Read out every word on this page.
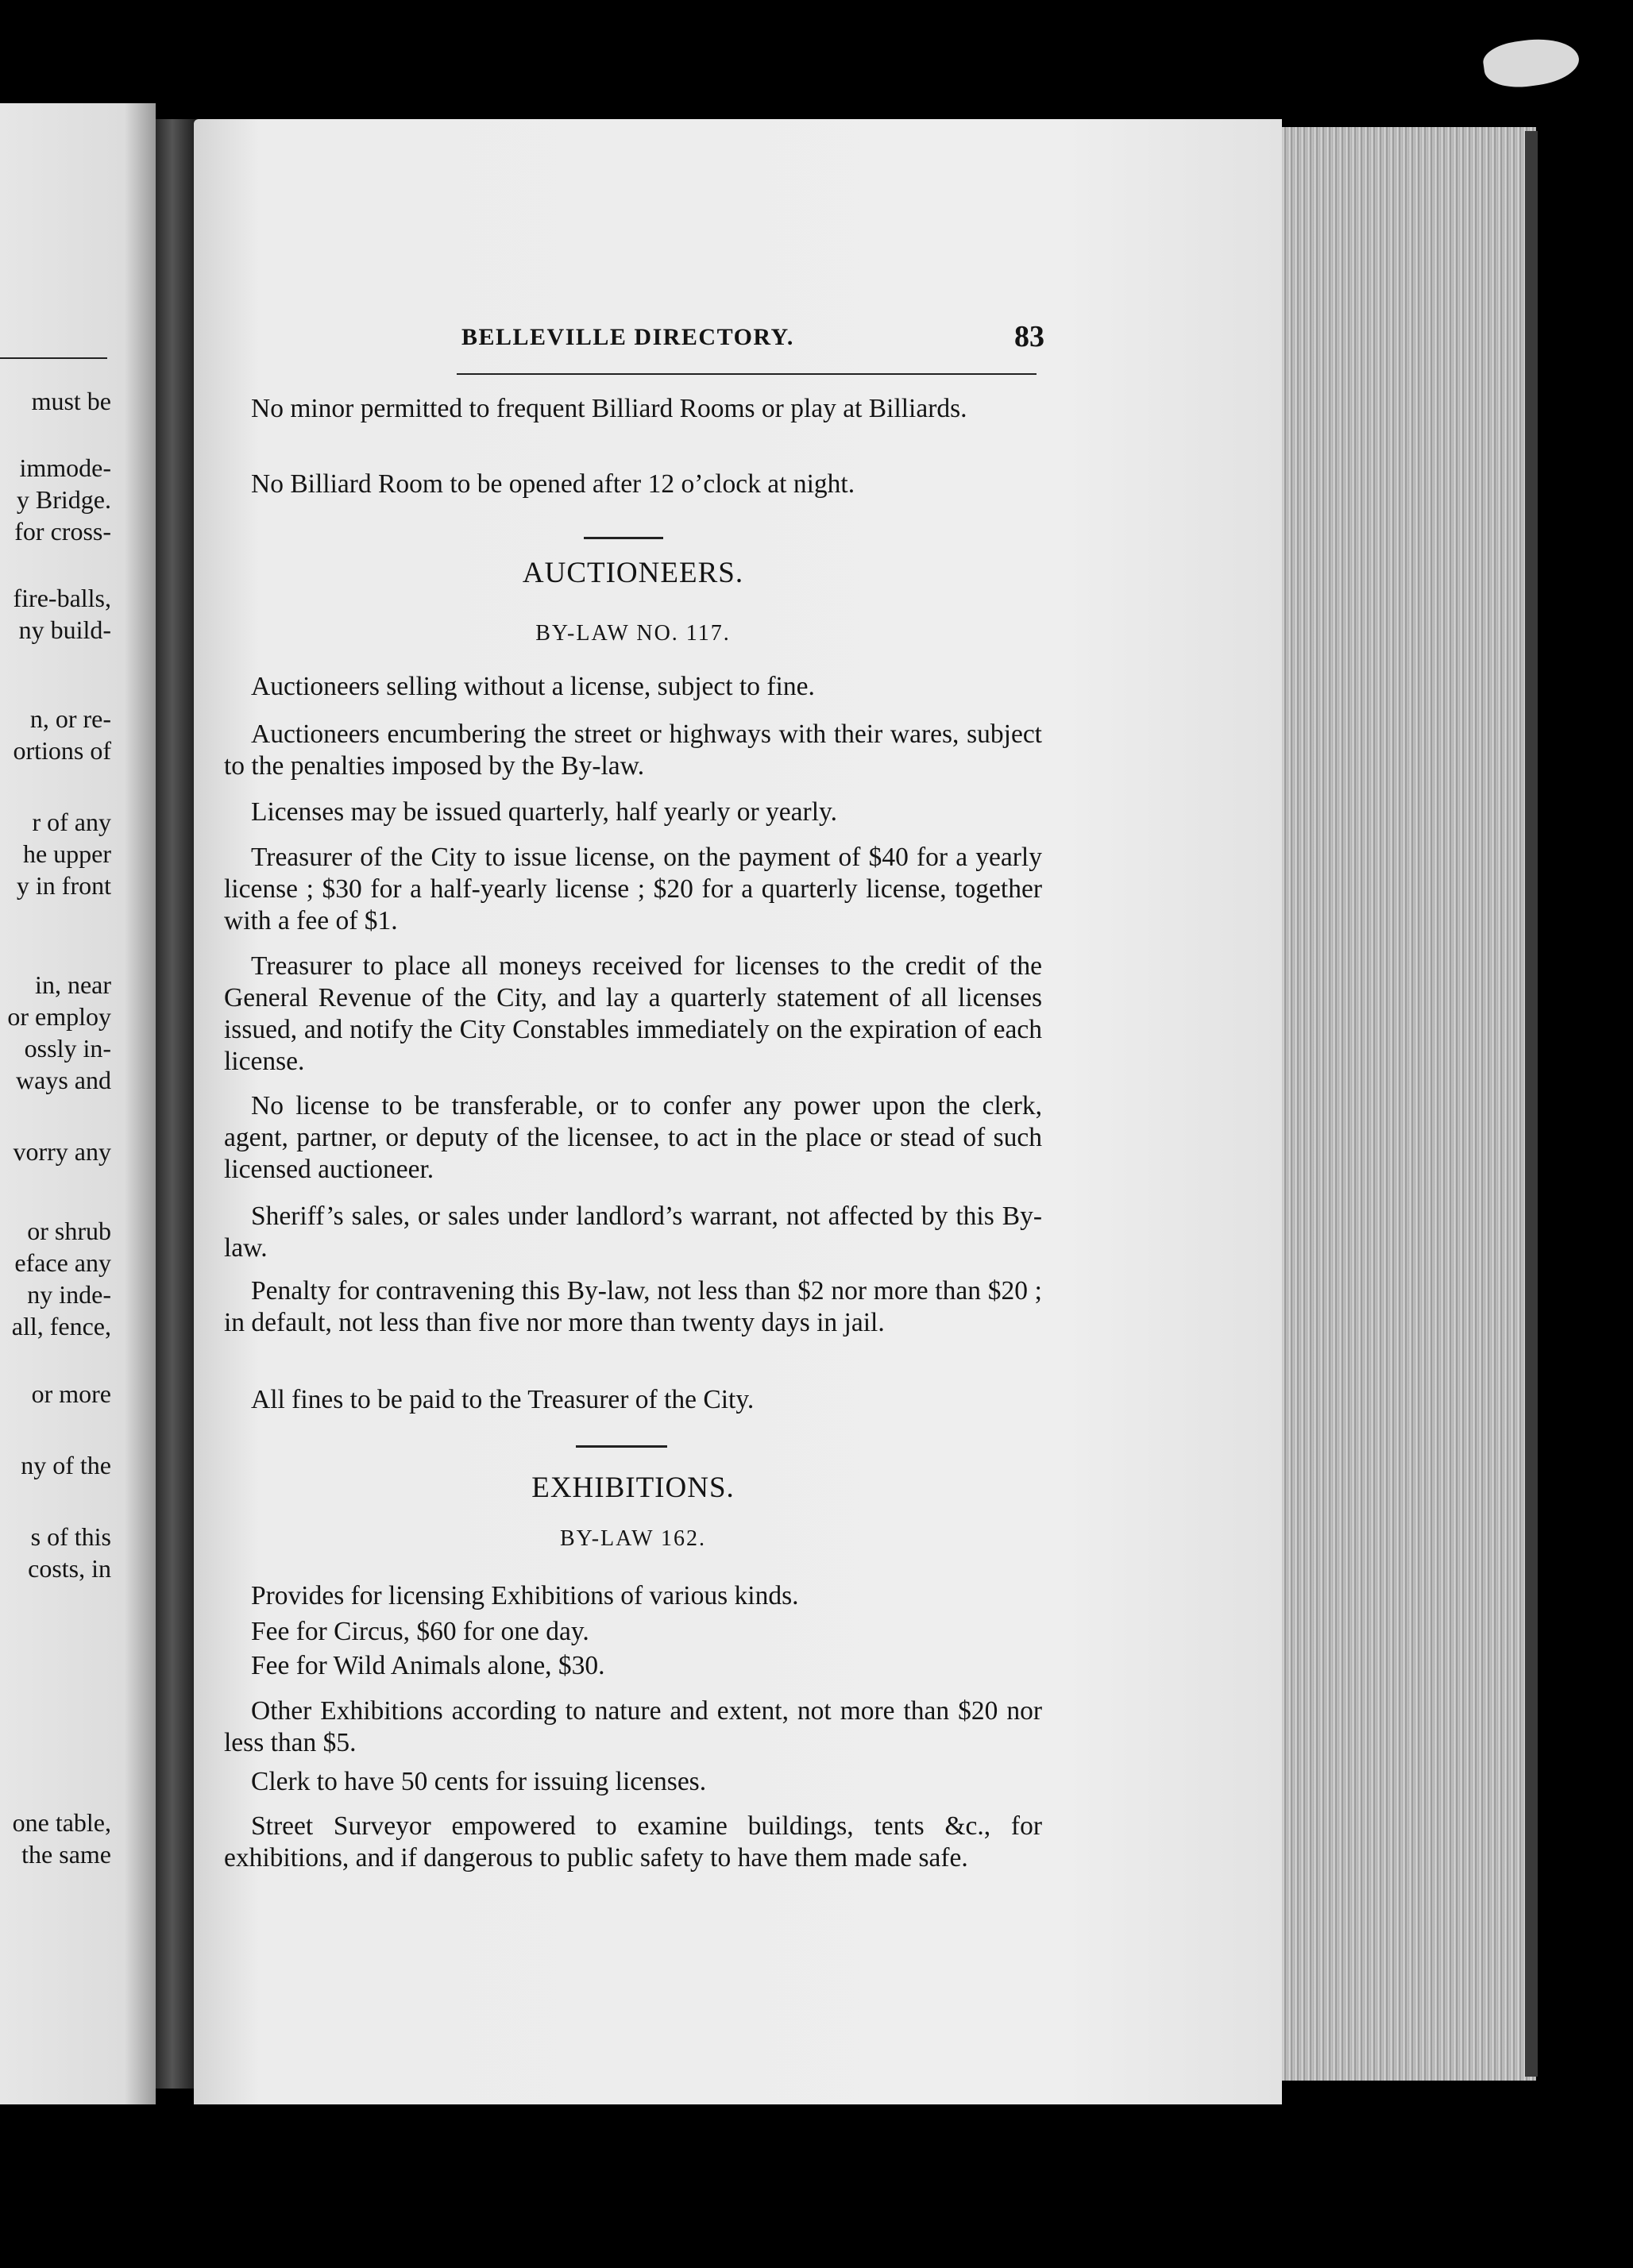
must be
immode-
y Bridge.
for cross-
fire-balls,
ny build-
n, or re-
ortions of
r of any
he upper
y in front
in, near
or employ
ossly in-
ways and
vorry any
or shrub
eface any
ny inde-
all, fence,
or more
ny of the
s of this
costs, in
one table,
the same
BELLEVILLE DIRECTORY.	83
No minor permitted to frequent Billiard Rooms or play at Billiards.
No Billiard Room to be opened after 12 o’clock at night.
AUCTIONEERS.
BY-LAW NO. 117.
Auctioneers selling without a license, subject to fine.
Auctioneers encumbering the street or highways with their wares, subject to the penalties imposed by the By-law.
Licenses may be issued quarterly, half yearly or yearly.
Treasurer of the City to issue license, on the payment of $40 for a yearly license ; $30 for a half-yearly license ; $20 for a quarterly license, together with a fee of $1.
Treasurer to place all moneys received for licenses to the credit of the General Revenue of the City, and lay a quarterly statement of all licenses issued, and notify the City Constables immediately on the expiration of each license.
No license to be transferable, or to confer any power upon the clerk, agent, partner, or deputy of the licensee, to act in the place or stead of such licensed auctioneer.
Sheriff’s sales, or sales under landlord’s warrant, not affected by this By-law.
Penalty for contravening this By-law, not less than $2 nor more than $20 ; in default, not less than five nor more than twenty days in jail.
All fines to be paid to the Treasurer of the City.
EXHIBITIONS.
BY-LAW 162.
Provides for licensing Exhibitions of various kinds.
Fee for Circus, $60 for one day.
Fee for Wild Animals alone, $30.
Other Exhibitions according to nature and extent, not more than $20 nor less than $5.
Clerk to have 50 cents for issuing licenses.
Street Surveyor empowered to examine buildings, tents &c., for exhibitions, and if dangerous to public safety to have them made safe.
